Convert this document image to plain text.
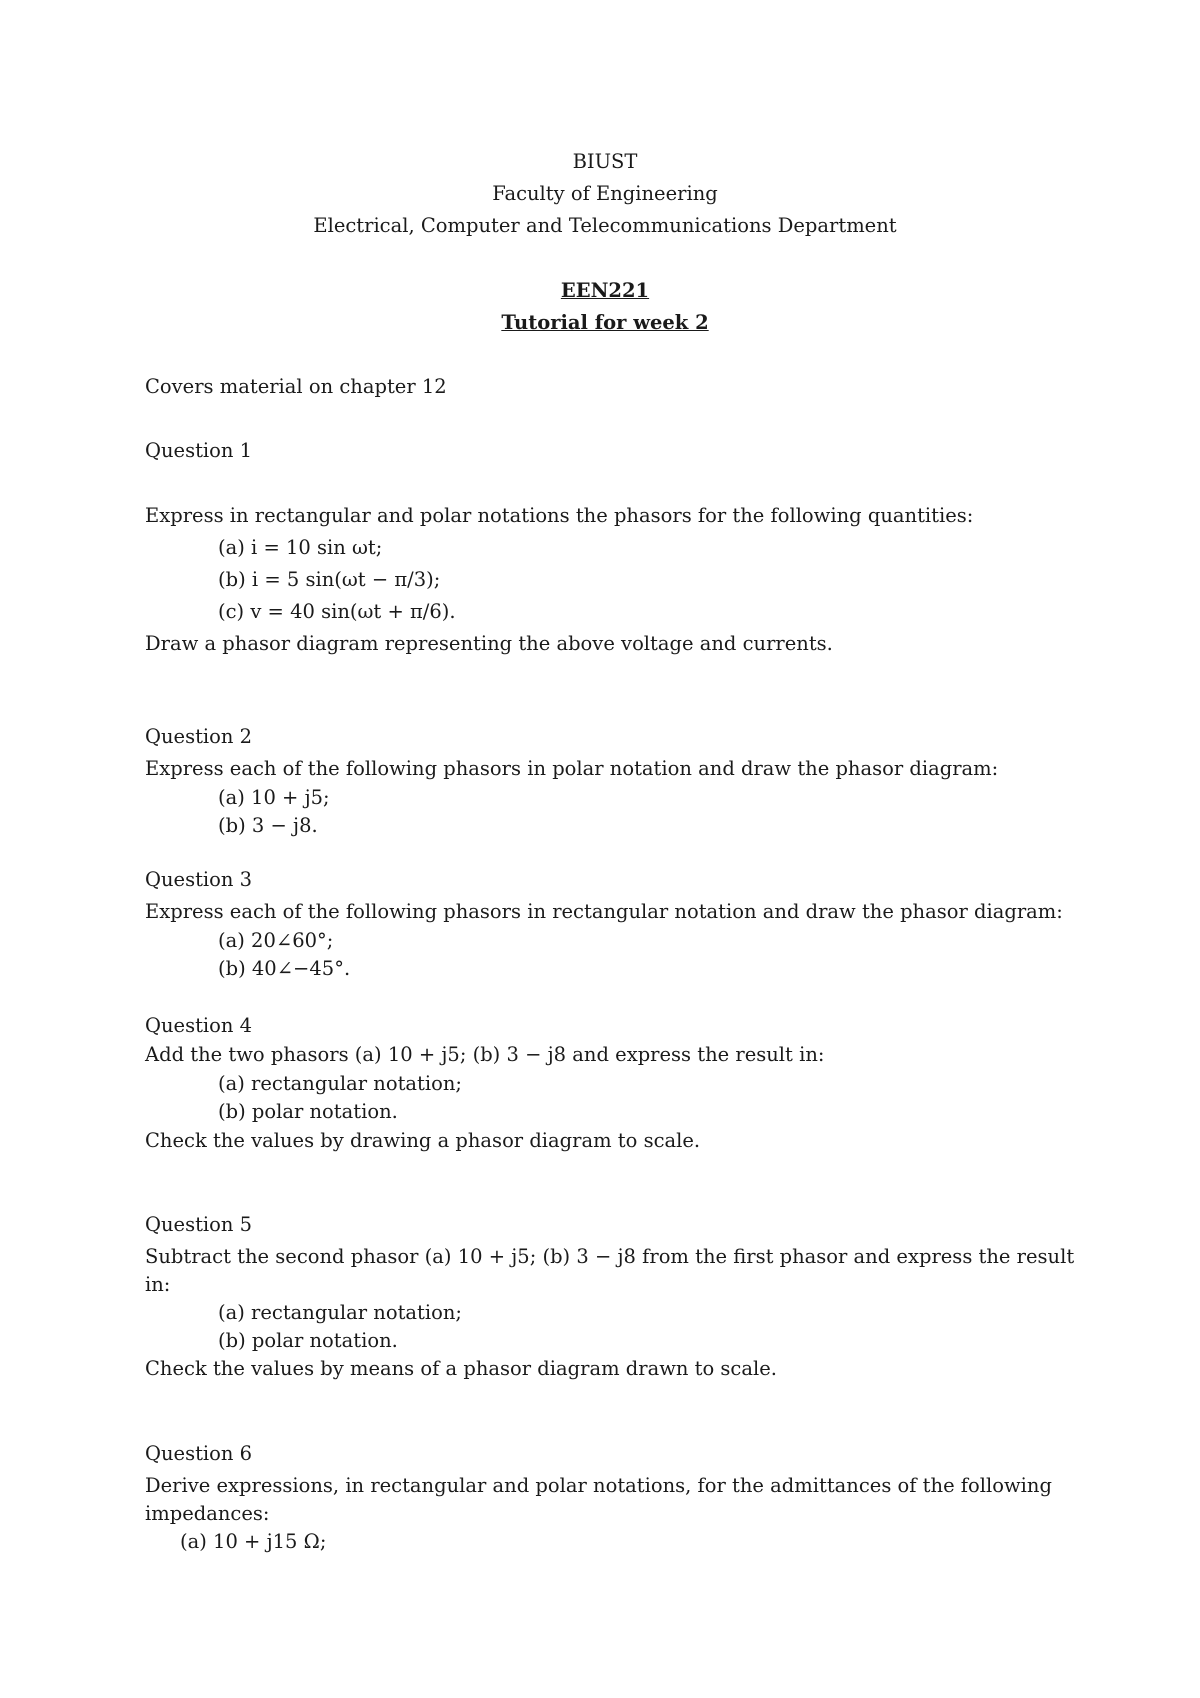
BIUST
Faculty of Engineering
Electrical, Computer and Telecommunications Department
EEN221
Tutorial for week 2
Covers material on chapter 12
Question 1
Express in rectangular and polar notations the phasors for the following quantities:
(a) i = 10 sin ωt;
(b) i = 5 sin(ωt − π/3);
(c) v = 40 sin(ωt + π/6).
Draw a phasor diagram representing the above voltage and currents.
Question 2
Express each of the following phasors in polar notation and draw the phasor diagram:
(a) 10 + j5;
(b) 3 − j8.
Question 3
Express each of the following phasors in rectangular notation and draw the phasor diagram:
(a) 20∠60°;
(b) 40∠−45°.
Question 4
Add the two phasors (a) 10 + j5; (b) 3 − j8 and express the result in:
(a) rectangular notation;
(b) polar notation.
Check the values by drawing a phasor diagram to scale.
Question 5
Subtract the second phasor (a) 10 + j5; (b) 3 − j8 from the first phasor and express the result
in:
(a) rectangular notation;
(b) polar notation.
Check the values by means of a phasor diagram drawn to scale.
Question 6
Derive expressions, in rectangular and polar notations, for the admittances of the following
impedances:
(a) 10 + j15 Ω;
